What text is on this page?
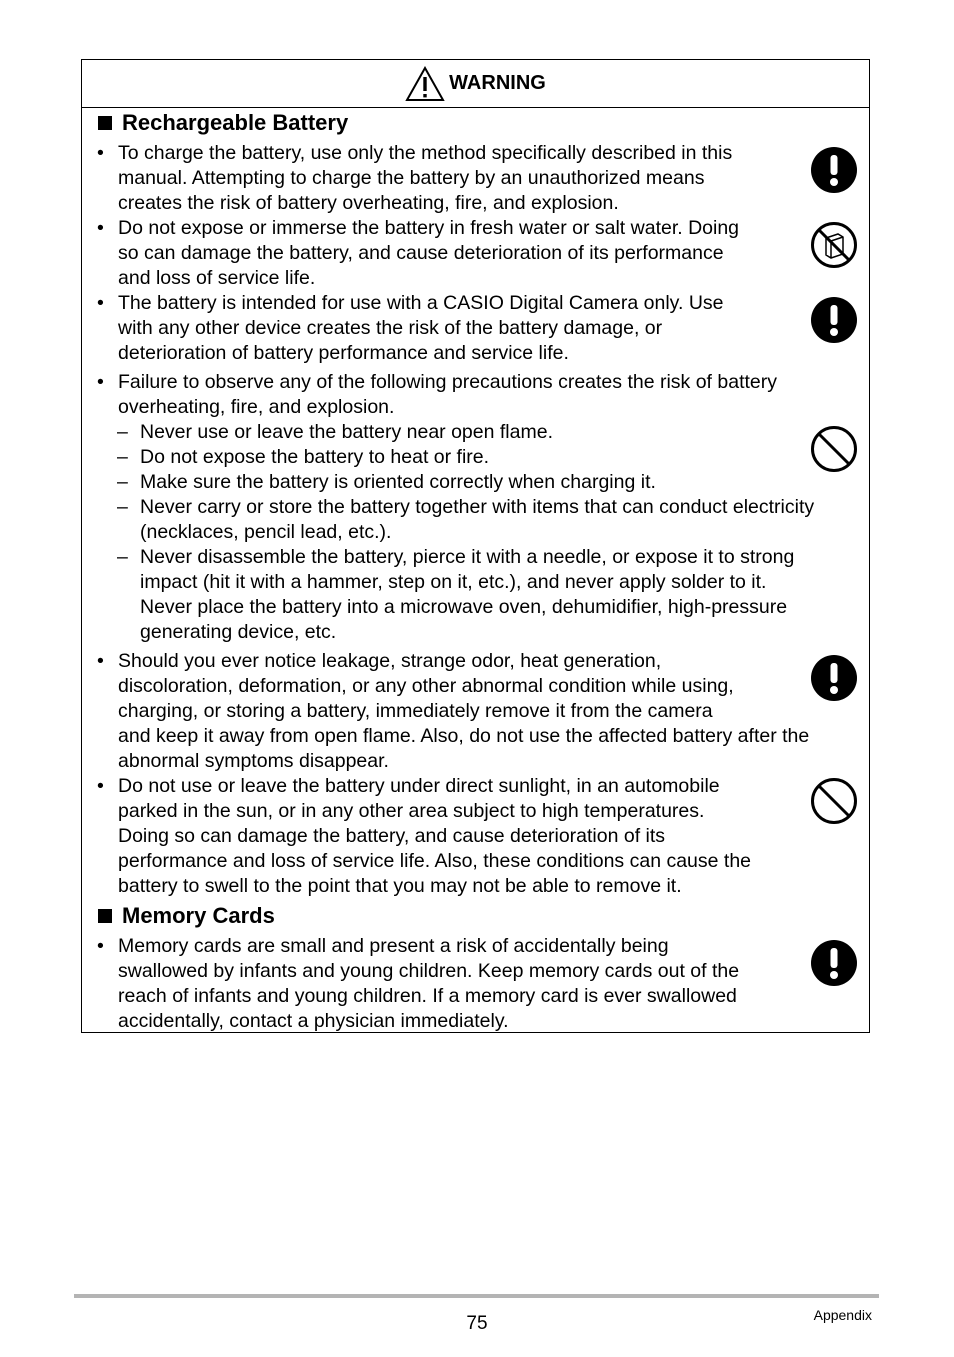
WARNING
Rechargeable Battery
• To charge the battery, use only the method specifically described in this
manual. Attempting to charge the battery by an unauthorized means
creates the risk of battery overheating, fire, and explosion.
• Do not expose or immerse the battery in fresh water or salt water. Doing
so can damage the battery, and cause deterioration of its performance
and loss of service life.
• The battery is intended for use with a CASIO Digital Camera only. Use
with any other device creates the risk of the battery damage, or
deterioration of battery performance and service life.
• Failure to observe any of the following precautions creates the risk of battery
overheating, fire, and explosion.
– Never use or leave the battery near open flame.
– Do not expose the battery to heat or fire.
– Make sure the battery is oriented correctly when charging it.
– Never carry or store the battery together with items that can conduct electricity
(necklaces, pencil lead, etc.).
– Never disassemble the battery, pierce it with a needle, or expose it to strong
impact (hit it with a hammer, step on it, etc.), and never apply solder to it.
Never place the battery into a microwave oven, dehumidifier, high-pressure
generating device, etc.
• Should you ever notice leakage, strange odor, heat generation,
discoloration, deformation, or any other abnormal condition while using,
charging, or storing a battery, immediately remove it from the camera
and keep it away from open flame. Also, do not use the affected battery after the
abnormal symptoms disappear.
• Do not use or leave the battery under direct sunlight, in an automobile
parked in the sun, or in any other area subject to high temperatures.
Doing so can damage the battery, and cause deterioration of its
performance and loss of service life. Also, these conditions can cause the
battery to swell to the point that you may not be able to remove it.
Memory Cards
• Memory cards are small and present a risk of accidentally being
swallowed by infants and young children. Keep memory cards out of the
reach of infants and young children. If a memory card is ever swallowed
accidentally, contact a physician immediately.
75	Appendix
